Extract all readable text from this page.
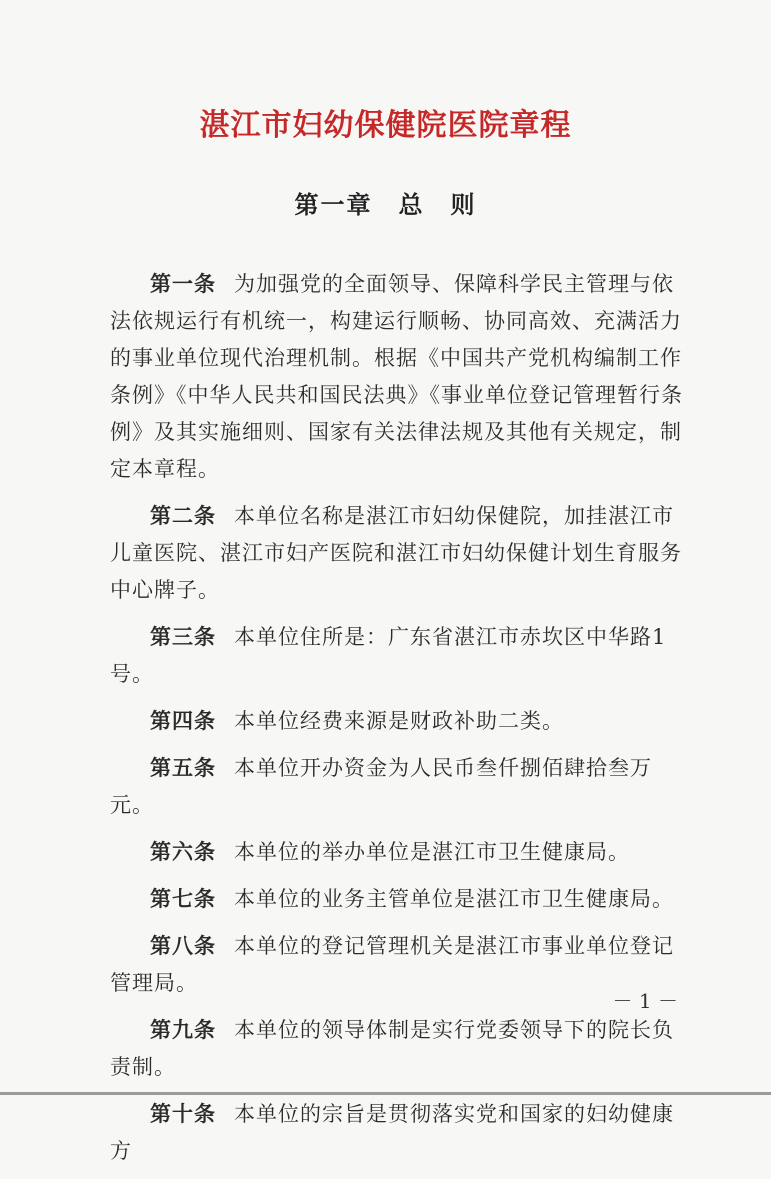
湛江市妇幼保健院医院章程
第一章　总　则

第一条 为加强党的全面领导、保障科学民主管理与依法依规运行有机统一，构建运行顺畅、协同高效、充满活力的事业单位现代治理机制。根据《中国共产党机构编制工作条例》《中华人民共和国民法典》《事业单位登记管理暂行条例》及其实施细则、国家有关法律法规及其他有关规定，制定本章程。

第二条 本单位名称是湛江市妇幼保健院，加挂湛江市儿童医院、湛江市妇产医院和湛江市妇幼保健计划生育服务中心牌子。

第三条 本单位住所是：广东省湛江市赤坎区中华路1号。

第四条 本单位经费来源是财政补助二类。

第五条 本单位开办资金为人民币叁仟捌佰肆拾叁万元。

第六条 本单位的举办单位是湛江市卫生健康局。

第七条 本单位的业务主管单位是湛江市卫生健康局。

第八条 本单位的登记管理机关是湛江市事业单位登记管理局。

第九条 本单位的领导体制是实行党委领导下的院长负责制。

第十条 本单位的宗旨是贯彻落实党和国家的妇幼健康方

－ 1 －
